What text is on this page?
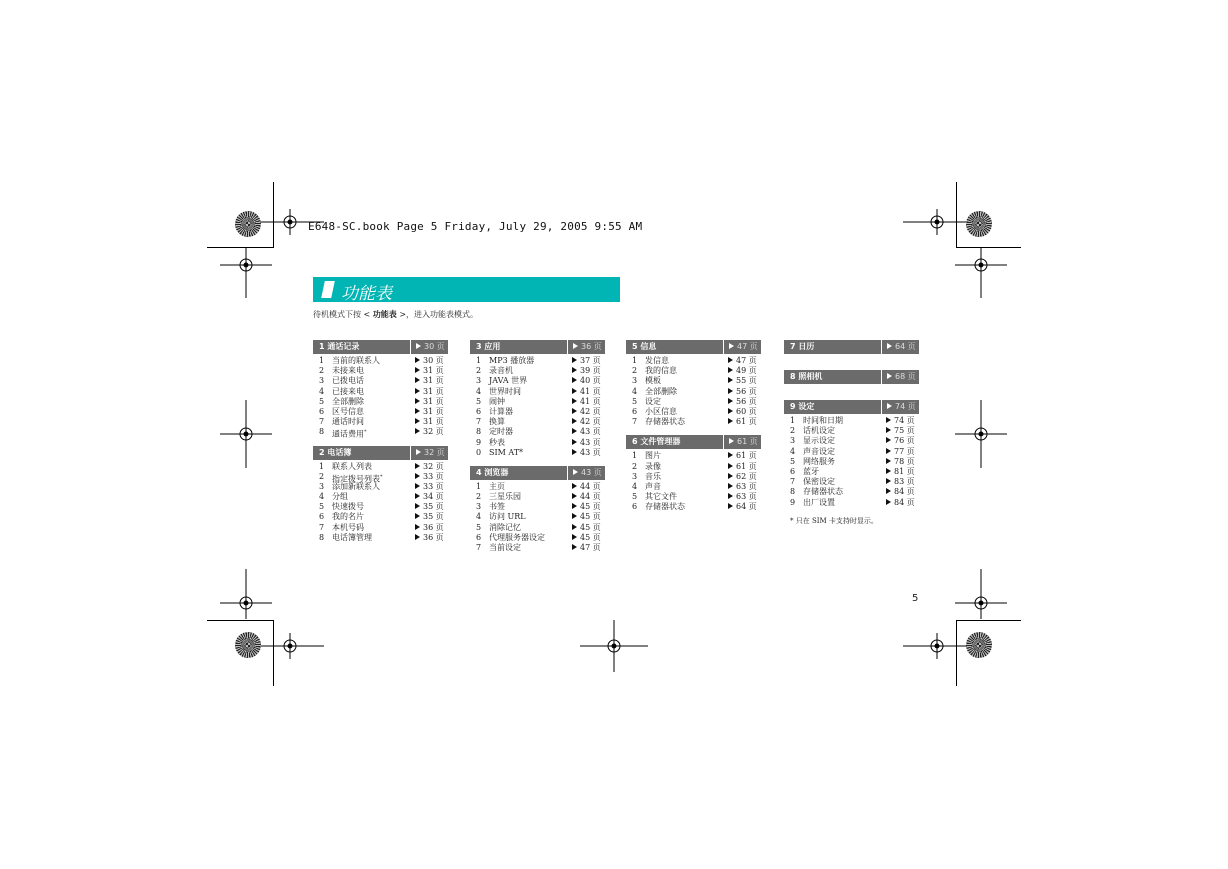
E648-SC.book Page 5 Friday, July 29, 2005 9:55 AM
功能表
待机模式下按 < 功能表 >，进入功能表模式。
1 通话记录	30 页
1 当前的联系人	30 页
2 未接来电	31 页
3 已拨电话	31 页
4 已接来电	31 页
5 全部删除	31 页
6 区号信息	31 页
7 通话时间	31 页
8 通话费用*	32 页
2 电话簿	32 页
1 联系人列表	32 页
2 指定拨号列表*	33 页
3 添加新联系人	33 页
4 分组	34 页
5 快速拨号	35 页
6 我的名片	35 页
7 本机号码	36 页
8 电话簿管理	36 页
3 应用	36 页
1 MP3 播放器	37 页
2 录音机	39 页
3 JAVA 世界	40 页
4 世界时间	41 页
5 闹钟	41 页
6 计算器	42 页
7 换算	42 页
8 定时器	43 页
9 秒表	43 页
0 SIM AT*	43 页
4 浏览器	43 页
1 主页	44 页
2 三星乐园	44 页
3 书签	45 页
4 访问 URL	45 页
5 消除记忆	45 页
6 代理服务器设定	45 页
7 当前设定	47 页
5 信息	47 页
1 发信息	47 页
2 我的信息	49 页
3 模板	55 页
4 全部删除	56 页
5 设定	56 页
6 小区信息	60 页
7 存储器状态	61 页
6 文件管理器	61 页
1 图片	61 页
2 录像	61 页
3 音乐	62 页
4 声音	63 页
5 其它文件	63 页
6 存储器状态	64 页
7 日历	64 页
8 照相机	68 页
9 设定	74 页
1 时间和日期	74 页
2 话机设定	75 页
3 显示设定	76 页
4 声音设定	77 页
5 网络服务	78 页
6 蓝牙	81 页
7 保密设定	83 页
8 存储器状态	84 页
9 出厂设置	84 页
* 只在 SIM 卡支持时显示。
5
